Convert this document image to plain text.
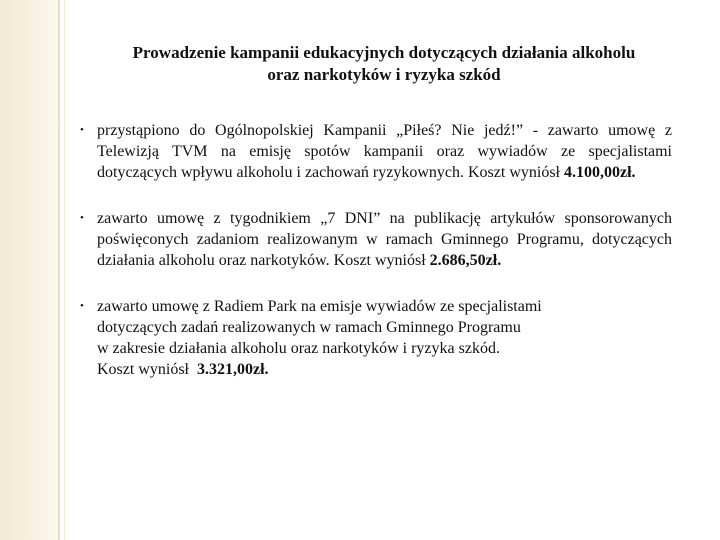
Prowadzenie kampanii edukacyjnych dotyczących działania alkoholu
oraz narkotyków i ryzyka szkód
• przystąpiono do Ogólnopolskiej Kampanii „Piłeś? Nie jedź!” - zawarto umowę z Telewizją TVM na emisję spotów kampanii oraz wywiadów ze specjalistami dotyczących wpływu alkoholu i zachowań ryzykownych. Koszt wyniósł 4.100,00zł.
• zawarto umowę z tygodnikiem „7 DNI” na publikację artykułów sponsorowanych poświęconych zadaniom realizowanym w ramach Gminnego Programu, dotyczących działania alkoholu oraz narkotyków. Koszt wyniósł 2.686,50zł.
• zawarto umowę z Radiem Park na emisje wywiadów ze specjalistami
dotyczących zadań realizowanych w ramach Gminnego Programu
w zakresie działania alkoholu oraz narkotyków i ryzyka szkód.
Koszt wyniósł  3.321,00zł.
